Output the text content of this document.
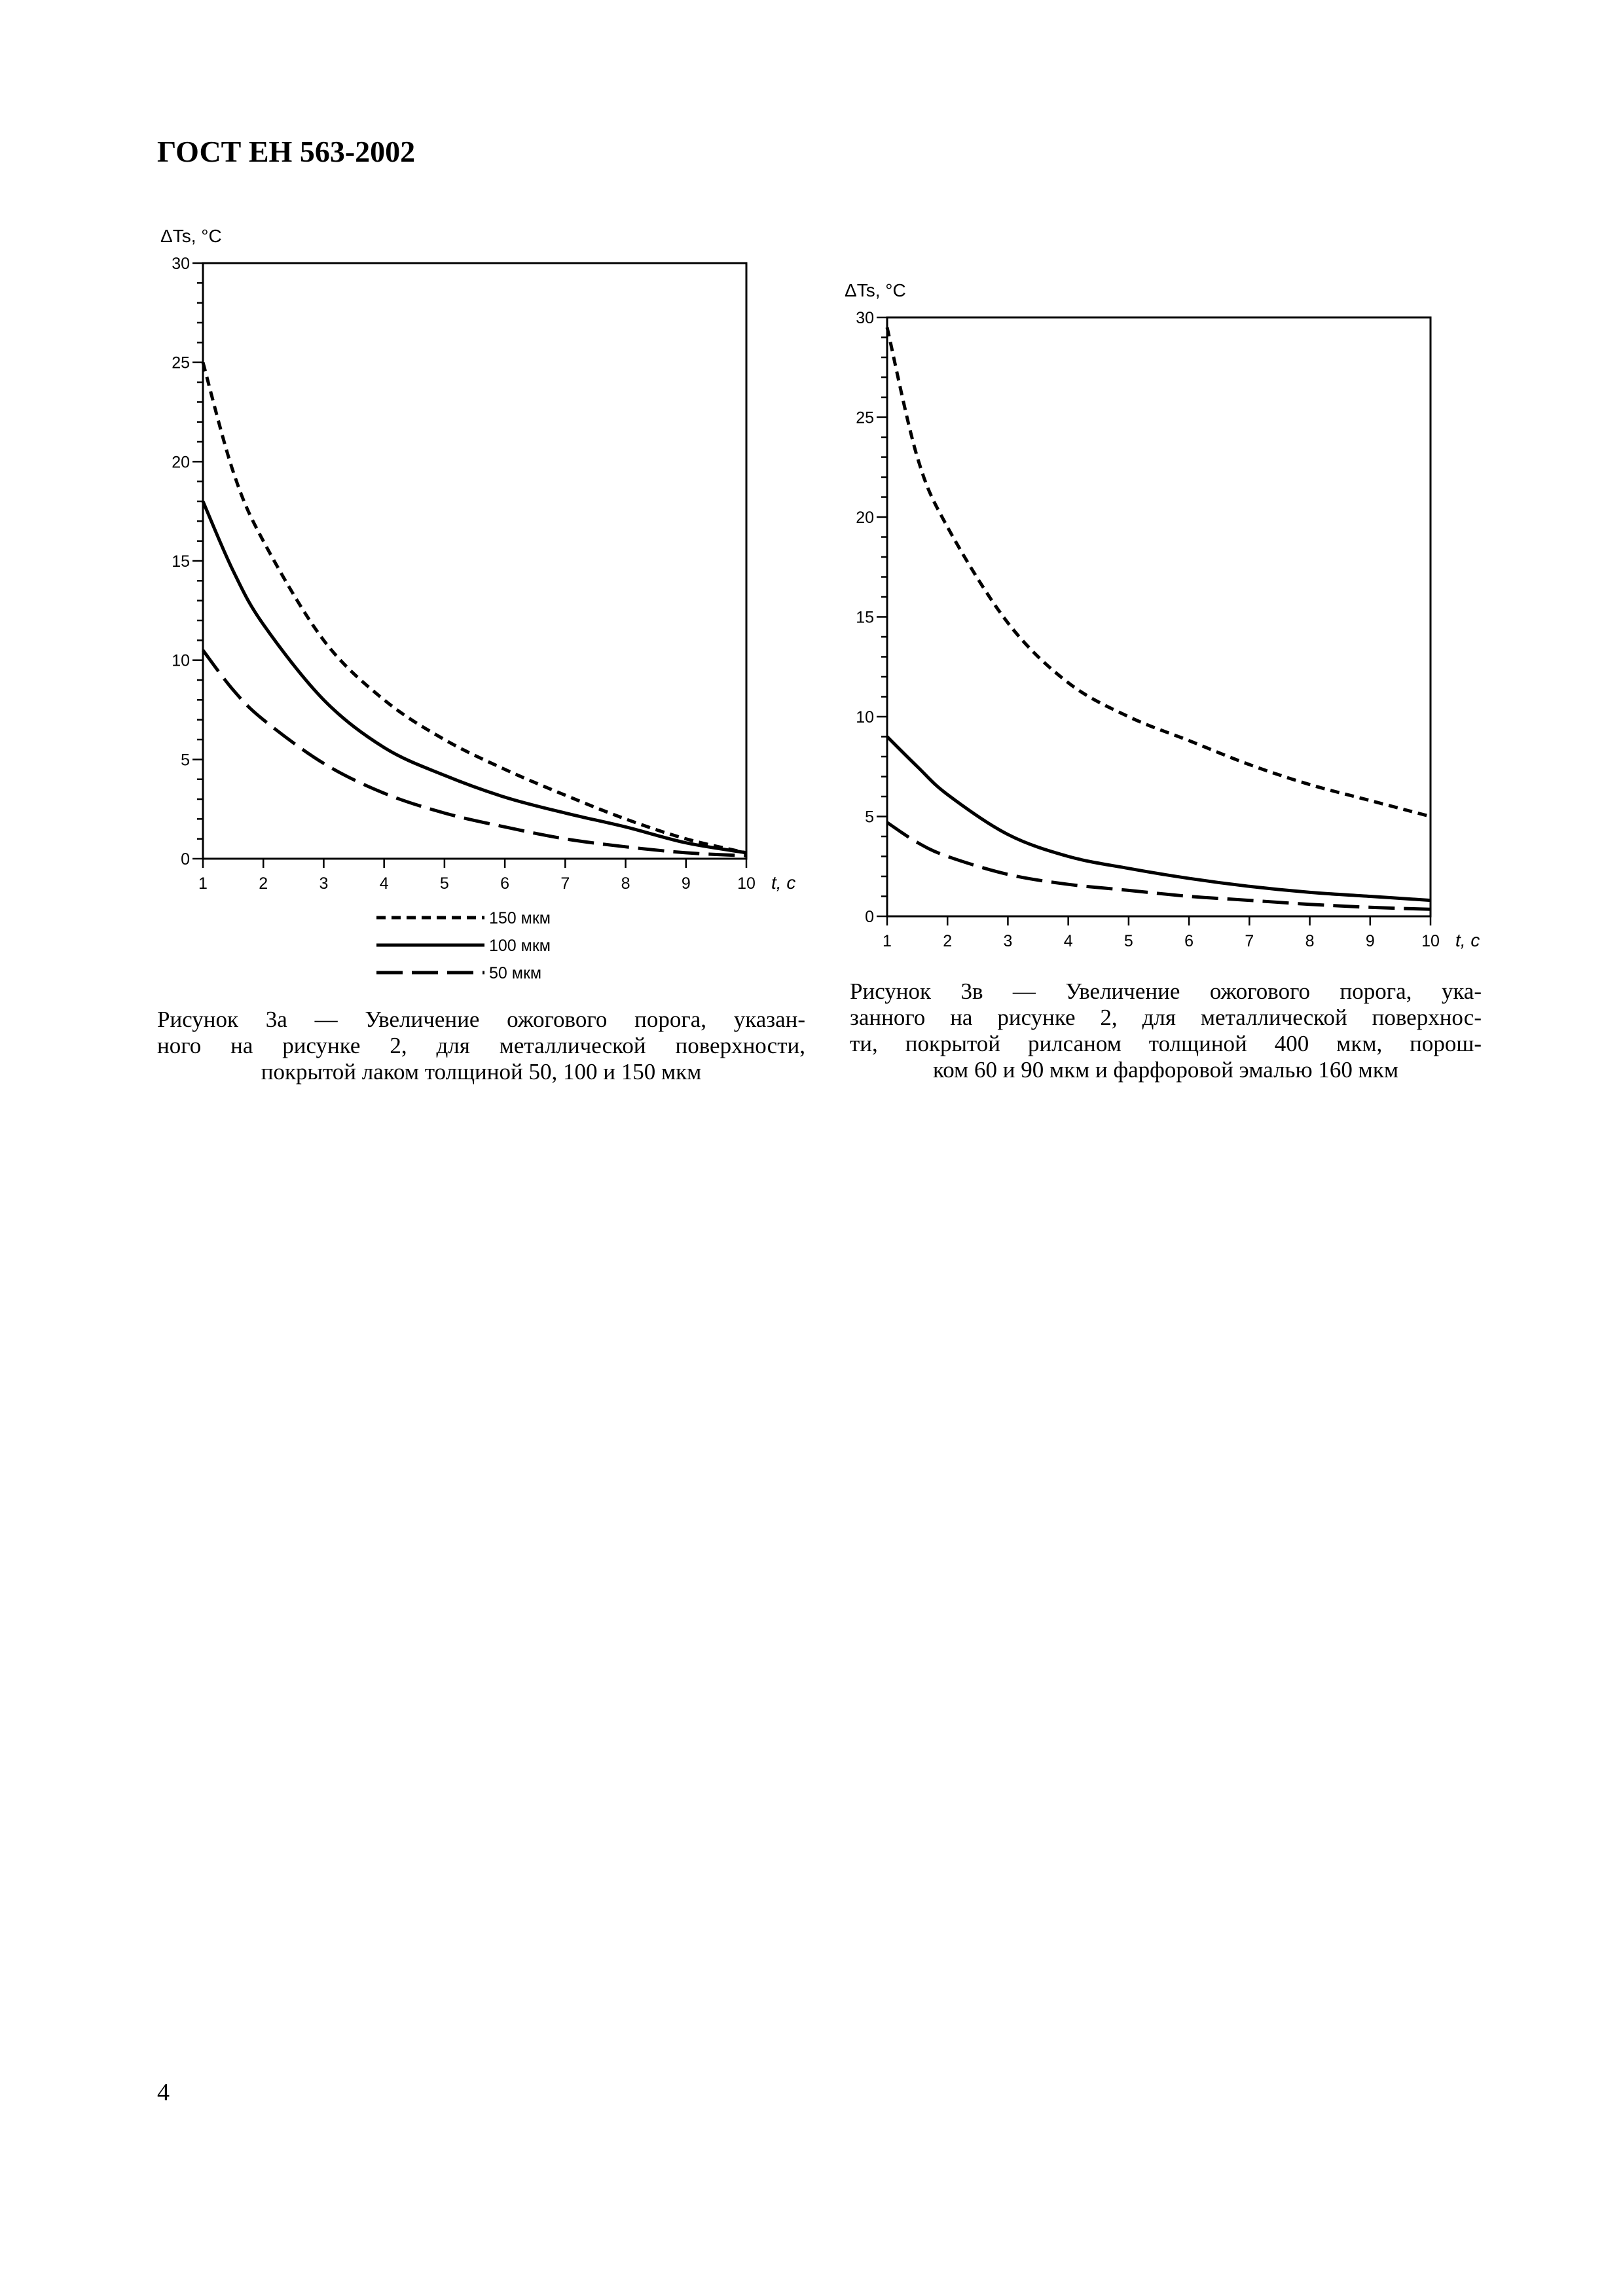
ГОСТ ЕН 563-2002
0
5
10
15
20
25
30
1	2	3	4	5	6	7	8	9	10
ΔTs, °C
t, с
150 мкм
100 мкм
50 мкм
0
5
10
15
20
25
30
1	2	3	4	5	6	7	8	9	10
ΔTs, °C
t, с
Рисунок 3а — Увеличение ожогового порога, указан-
ного на рисунке 2, для металлической поверхности,
покрытой лаком толщиной 50, 100 и 150 мкм
Рисунок 3в — Увеличение ожогового порога, ука-
занного на рисунке 2, для металлической поверхнос-
ти, покрытой рилсаном толщиной 400 мкм, порош-
ком 60 и 90 мкм и фарфоровой эмалью 160 мкм

4
